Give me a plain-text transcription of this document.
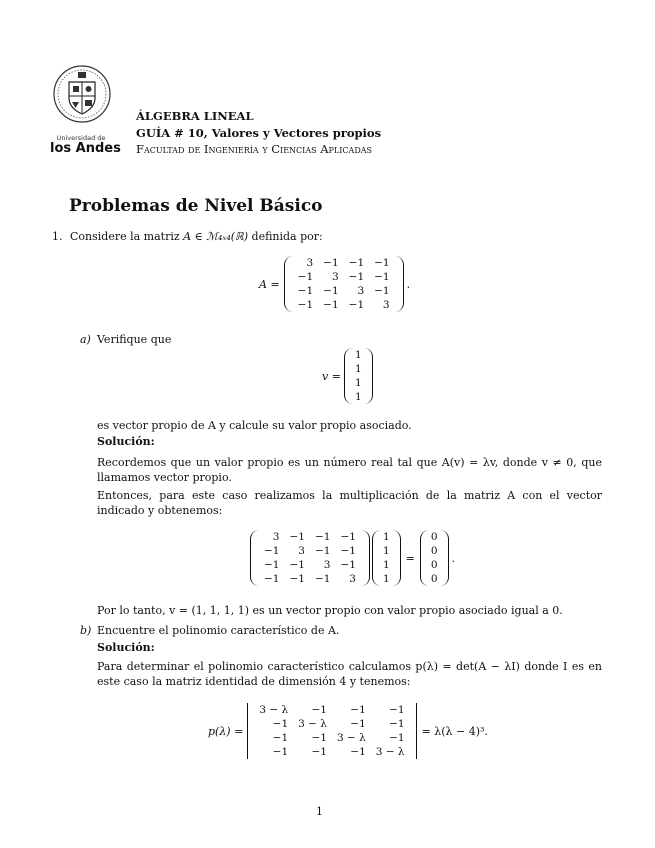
Universidad de
los Andes
ÁLGEBRA LINEAL
GUÍA # 10, Valores y Vectores propios
Facultad de Ingeniería y Ciencias Aplicadas
Problemas de Nivel Básico
1. Considere la matriz A ∈ ℳ₄ₓ₄(ℝ) definida por:
A =
3	−1	−1	−1
−1	3	−1	−1
−1	−1	3	−1
−1	−1	−1	3
.
a) Verifique que
v =
1
1
1
1

es vector propio de A y calcule su valor propio asociado.

Solución:

Recordemos que un valor propio es un número real tal que A(v) = λv, donde v ≠ 0, que llamamos vector propio.

Entonces, para este caso realizamos la multiplicación de la matriz A con el vector indicado y obtenemos:

3	−1	−1	−1
−1	3	−1	−1
−1	−1	3	−1
−1	−1	−1	3
1
1
1
1
=
0
0
0
0
.

Por lo tanto, v = (1, 1, 1, 1) es un vector propio con valor propio asociado igual a 0.

b) Encuentre el polinomio característico de A.

Solución:

Para determinar el polinomio característico calculamos p(λ) = det(A − λI) donde I es en este caso la matriz identidad de dimensión 4 y tenemos:

p(λ) =
3 − λ	−1	−1	−1
−1	3 − λ	−1	−1
−1	−1	3 − λ	−1
−1	−1	−1	3 − λ
= λ(λ − 4)³.
1
